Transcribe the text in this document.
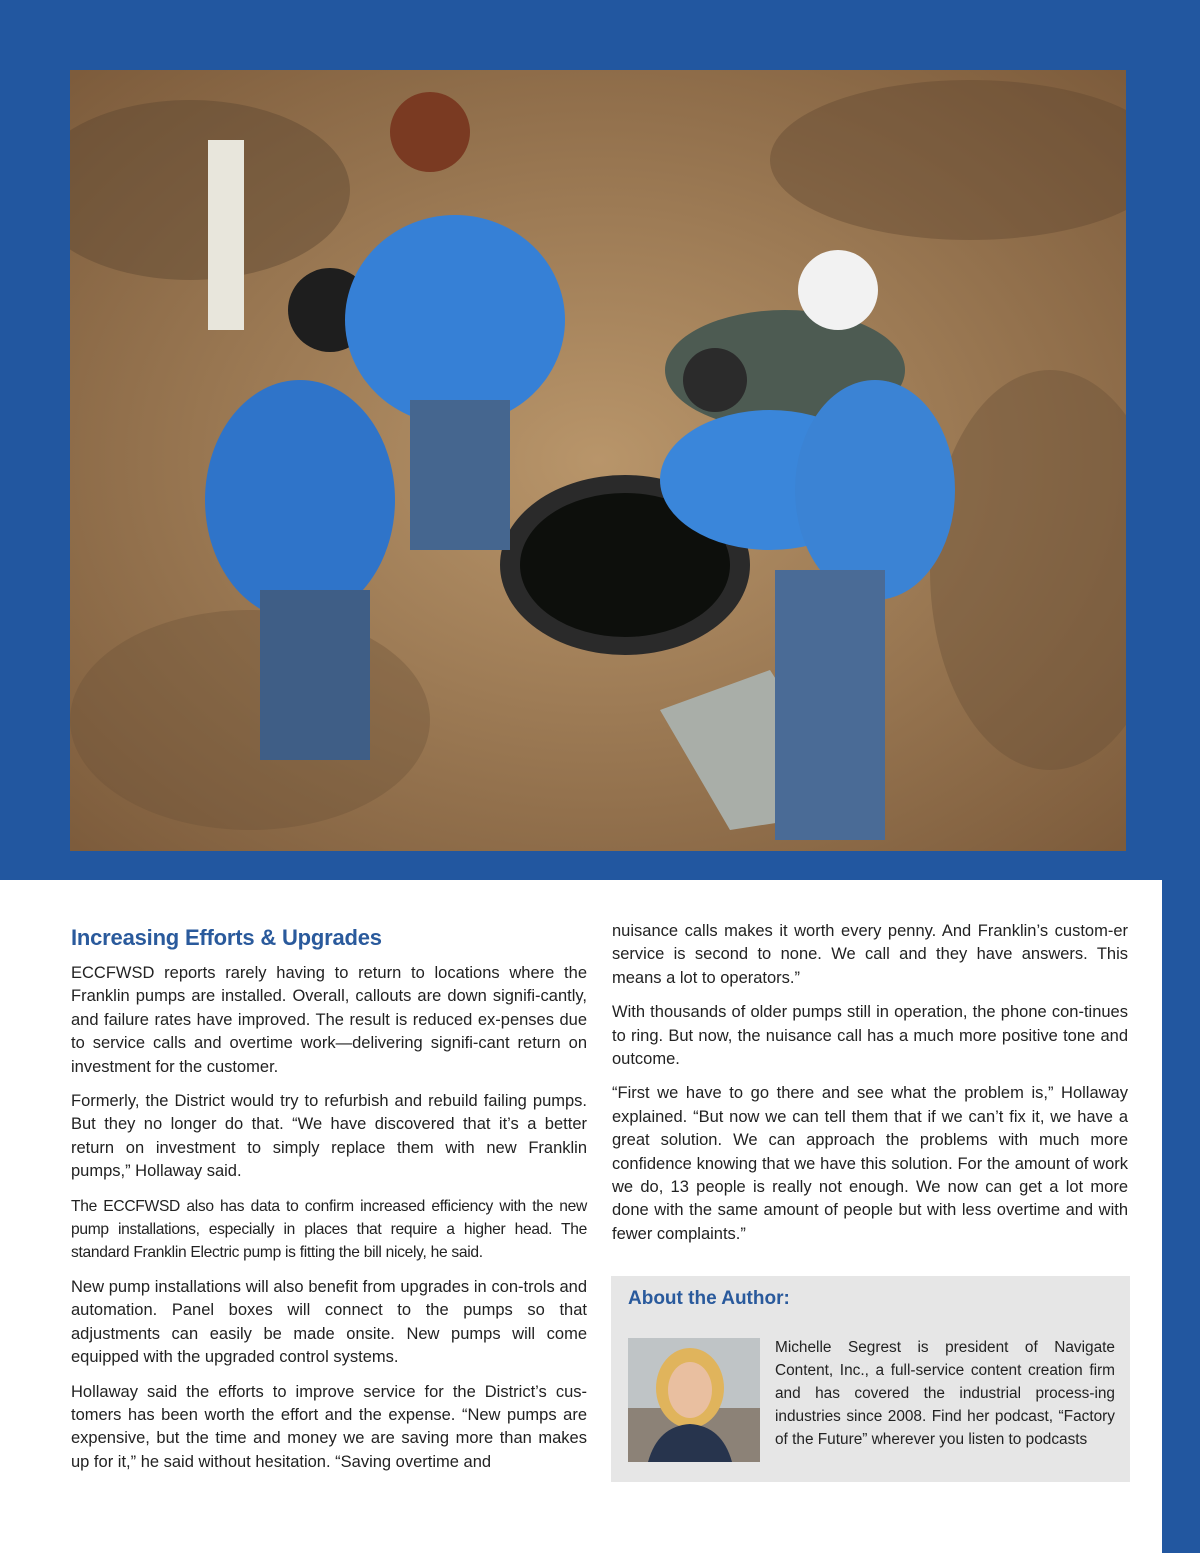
Increasing Efforts & Upgrades

ECCFWSD reports rarely having to return to locations where the Franklin pumps are installed. Overall, callouts are down signifi-cantly, and failure rates have improved. The result is reduced ex-penses due to service calls and overtime work—delivering signifi-cant return on investment for the customer.

Formerly, the District would try to refurbish and rebuild failing pumps. But they no longer do that. “We have discovered that it’s a better return on investment to simply replace them with new Franklin pumps,” Hollaway said.

The ECCFWSD also has data to confirm increased efficiency with the new pump installations, especially in places that require a higher head. The standard Franklin Electric pump is fitting the bill nicely, he said.

New pump installations will also benefit from upgrades in con-trols and automation. Panel boxes will connect to the pumps so that adjustments can easily be made onsite. New pumps will come equipped with the upgraded control systems.

Hollaway said the efforts to improve service for the District’s cus-tomers has been worth the effort and the expense. “New pumps are expensive, but the time and money we are saving more than makes up for it,” he said without hesitation. “Saving overtime and

nuisance calls makes it worth every penny. And Franklin’s custom-er service is second to none. We call and they have answers. This means a lot to operators.”

With thousands of older pumps still in operation, the phone con-tinues to ring. But now, the nuisance call has a much more positive tone and outcome.

“First we have to go there and see what the problem is,” Hollaway explained. “But now we can tell them that if we can’t fix it, we have a great solution. We can approach the problems with much more confidence knowing that we have this solution. For the amount of work we do, 13 people is really not enough. We now can get a lot more done with the same amount of people but with less overtime and with fewer complaints.”

About the Author:

Michelle Segrest is president of Navigate Content, Inc., a full-service content creation firm and has covered the industrial process-ing industries since 2008. Find her podcast, “Factory of the Future” wherever you listen to podcasts

13
